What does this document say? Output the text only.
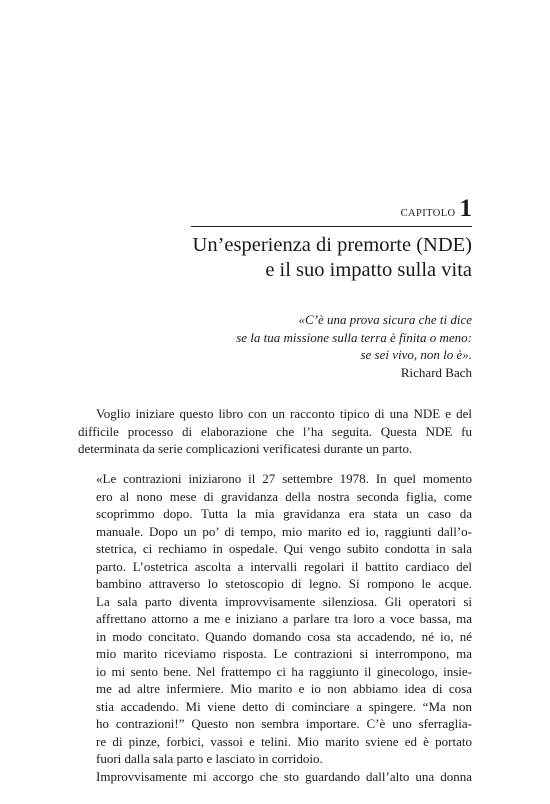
CAPITOLO 1
Un’esperienza di premorte (NDE)
e il suo impatto sulla vita
«C’è una prova sicura che ti dice
se la tua missione sulla terra è finita o meno:
se sei vivo, non lo è».
Richard Bach

Voglio iniziare questo libro con un racconto tipico di una NDE e del difficile processo di elaborazione che l’ha seguita. Questa NDE fu determinata da serie complicazioni verificatesi durante un parto.

«Le contrazioni iniziarono il 27 settembre 1978. In quel momento
ero al nono mese di gravidanza della nostra seconda figlia, come
scoprimmo dopo. Tutta la mia gravidanza era stata un caso da
manuale. Dopo un po’ di tempo, mio marito ed io, raggiunti dall’o-
stetrica, ci rechiamo in ospedale. Qui vengo subito condotta in sala
parto. L’ostetrica ascolta a intervalli regolari il battito cardiaco del
bambino attraverso lo stetoscopio di legno. Si rompono le acque.
La sala parto diventa improvvisamente silenziosa. Gli operatori si
affrettano attorno a me e iniziano a parlare tra loro a voce bassa, ma
in modo concitato. Quando domando cosa sta accadendo, né io, né
mio marito riceviamo risposta. Le contrazioni si interrompono, ma
io mi sento bene. Nel frattempo ci ha raggiunto il ginecologo, insie-
me ad altre infermiere. Mio marito e io non abbiamo idea di cosa
stia accadendo. Mi viene detto di cominciare a spingere. “Ma non
ho contrazioni!” Questo non sembra importare. C’è uno sferraglia-
re di pinze, forbici, vassoi e telini. Mio marito sviene ed è portato
fuori dalla sala parto e lasciato in corridoio.
Improvvisamente mi accorgo che sto guardando dall’alto una donna
